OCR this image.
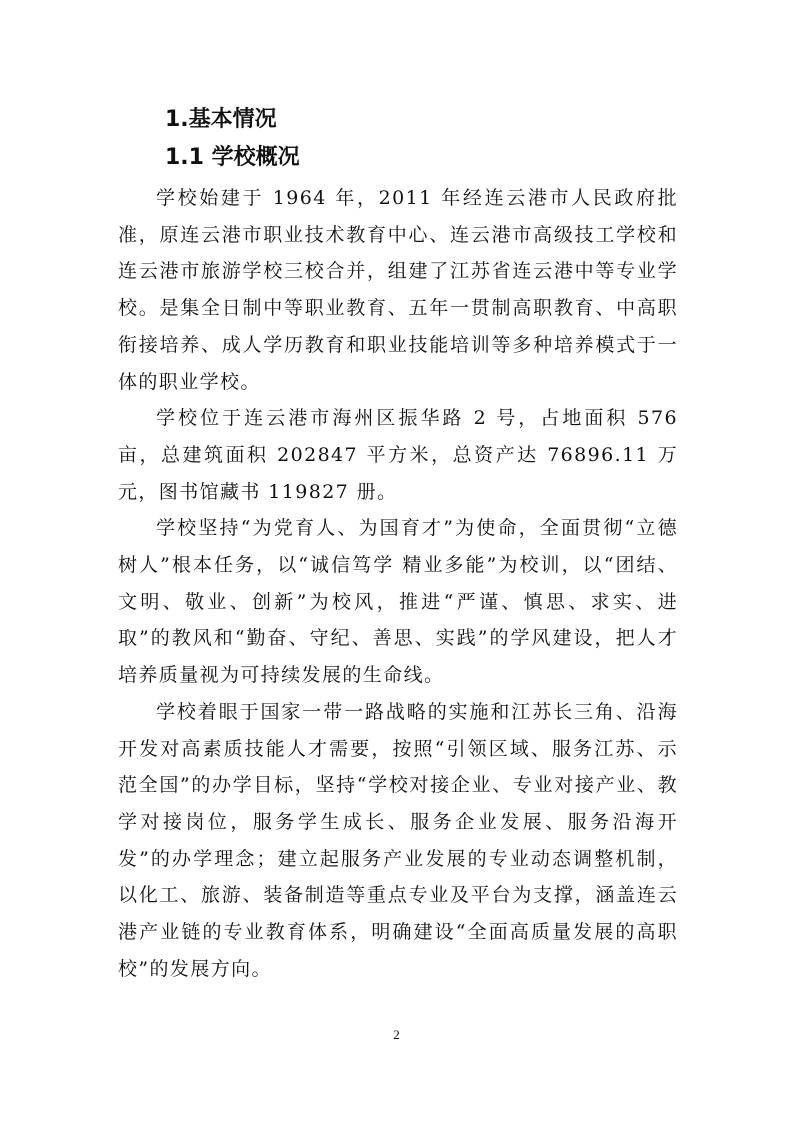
1.基本情况
1.1 学校概况

学校始建于 1964 年，2011 年经连云港市人民政府批准，原连云港市职业技术教育中心、连云港市高级技工学校和连云港市旅游学校三校合并，组建了江苏省连云港中等专业学校。是集全日制中等职业教育、五年一贯制高职教育、中高职衔接培养、成人学历教育和职业技能培训等多种培养模式于一体的职业学校。

学校位于连云港市海州区振华路 2 号，占地面积 576 亩，总建筑面积 202847 平方米，总资产达 76896.11 万元，图书馆藏书 119827 册。

学校坚持“为党育人、为国育才”为使命，全面贯彻“立德树人”根本任务，以“诚信笃学 精业多能”为校训，以“团结、文明、敬业、创新”为校风，推进“严谨、慎思、求实、进取”的教风和“勤奋、守纪、善思、实践”的学风建设，把人才培养质量视为可持续发展的生命线。

学校着眼于国家一带一路战略的实施和江苏长三角、沿海开发对高素质技能人才需要，按照“引领区域、服务江苏、示范全国”的办学目标，坚持“学校对接企业、专业对接产业、教学对接岗位，服务学生成长、服务企业发展、服务沿海开发”的办学理念；建立起服务产业发展的专业动态调整机制，以化工、旅游、装备制造等重点专业及平台为支撑，涵盖连云港产业链的专业教育体系，明确建设“全面高质量发展的高职校”的发展方向。

2
